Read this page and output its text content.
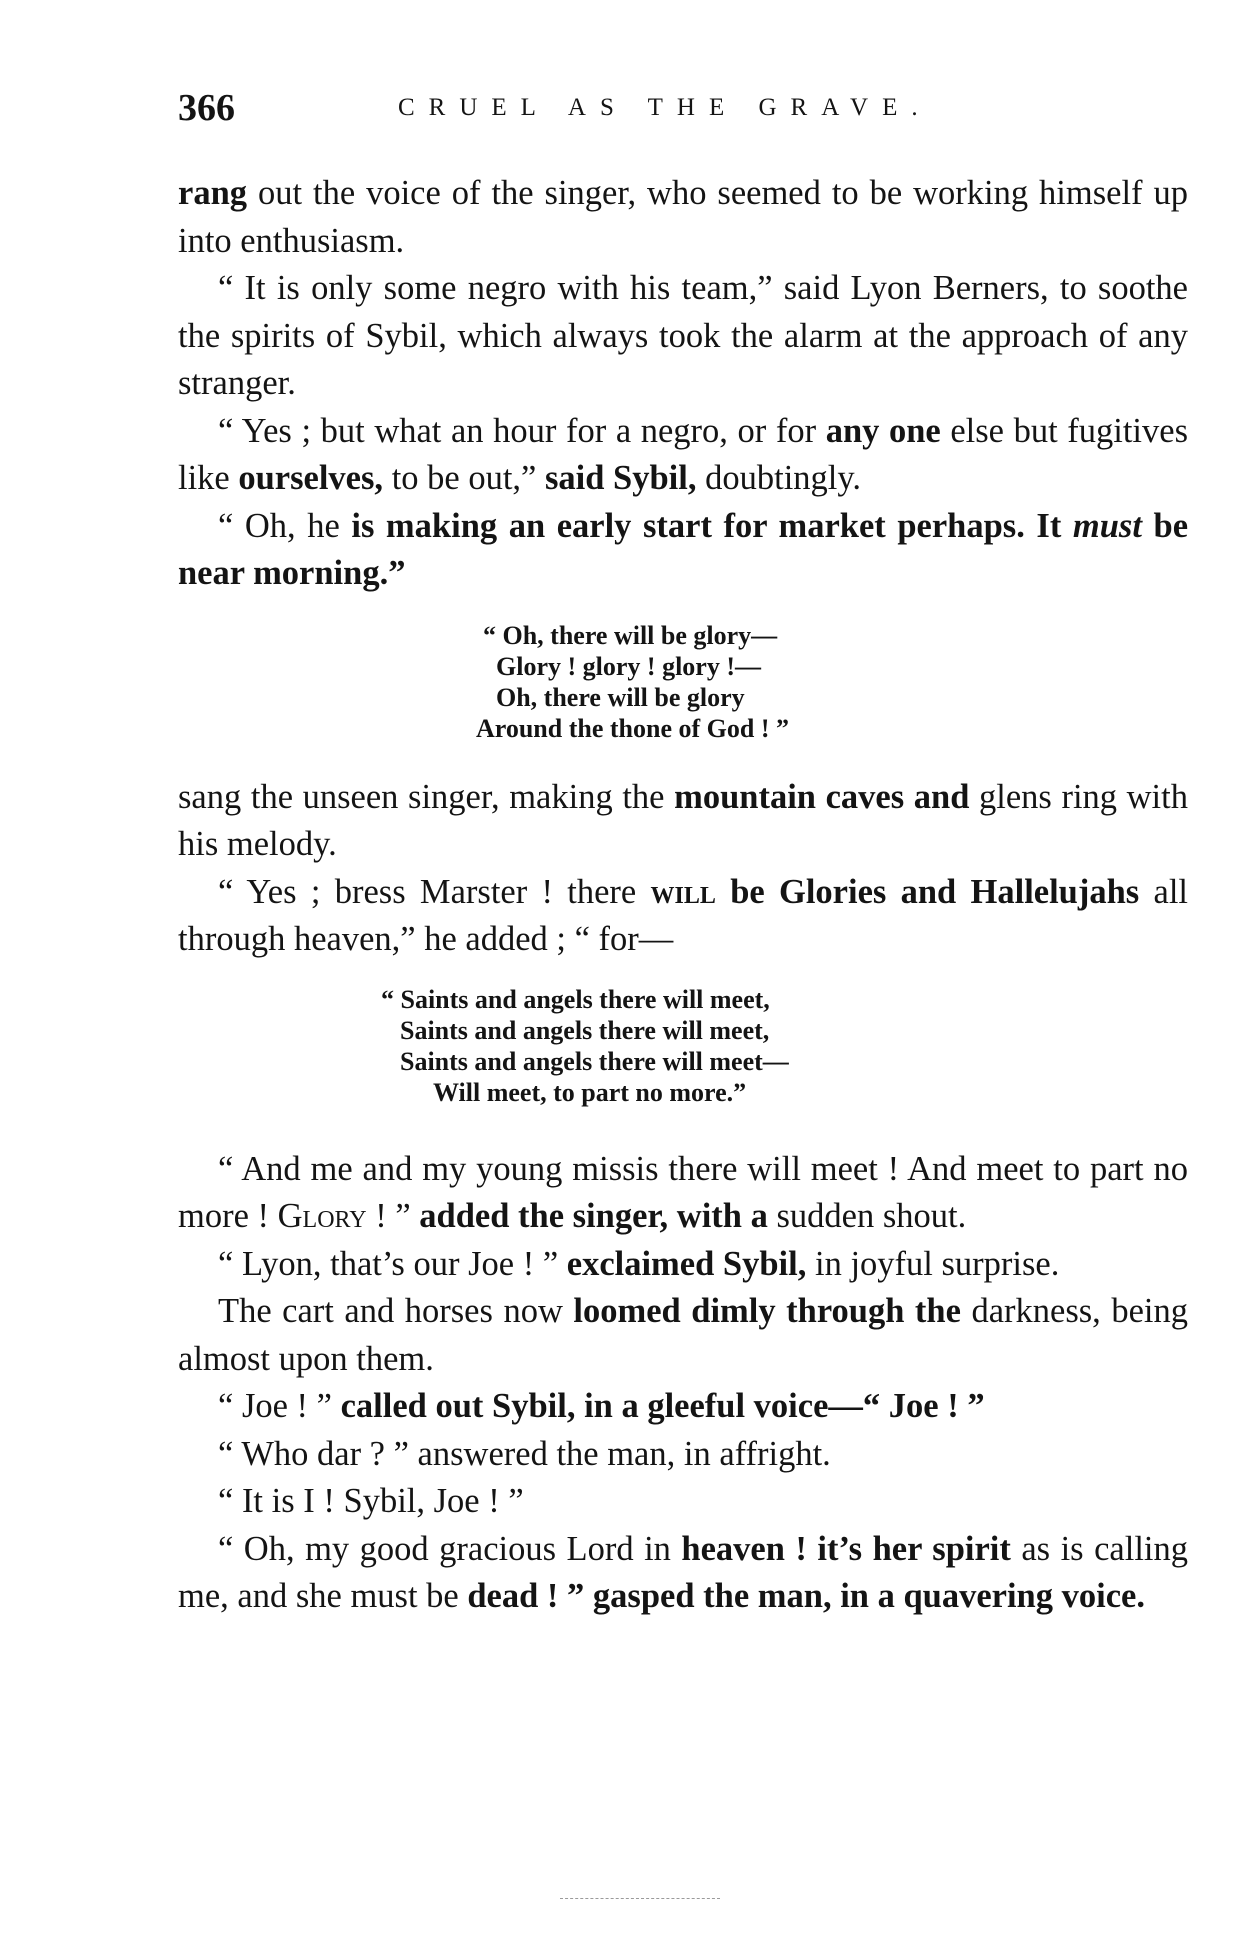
366	CRUEL AS THE GRAVE.

rang out the voice of the singer, who seemed to be working himself up into enthusiasm.

“ It is only some negro with his team,” said Lyon Berners, to soothe the spirits of Sybil, which always took the alarm at the approach of any stranger.

“ Yes ; but what an hour for a negro, or for any one else but fugitives like ourselves, to be out,” said Sybil, doubtingly.

“ Oh, he is making an early start for market perhaps. It must be near morning.”

“ Oh, there will be glory—
Glory ! glory ! glory !—
Oh, there will be glory
Around the thone of God ! ”

sang the unseen singer, making the mountain caves and glens ring with his melody.

“ Yes ; bress Marster ! there will be Glories and Hallelujahs all through heaven,” he added ; “ for—

“ Saints and angels there will meet,
Saints and angels there will meet,
Saints and angels there will meet—
Will meet, to part no more.”

“ And me and my young missis there will meet ! And meet to part no more ! Glory ! ” added the singer, with a sudden shout.

“ Lyon, that’s our Joe ! ” exclaimed Sybil, in joyful surprise.

The cart and horses now loomed dimly through the darkness, being almost upon them.

“ Joe ! ” called out Sybil, in a gleeful voice—“ Joe ! ”

“ Who dar ? ” answered the man, in affright.

“ It is I ! Sybil, Joe ! ”

“ Oh, my good gracious Lord in heaven ! it’s her spirit as is calling me, and she must be dead ! ” gasped the man, in a quavering voice.
